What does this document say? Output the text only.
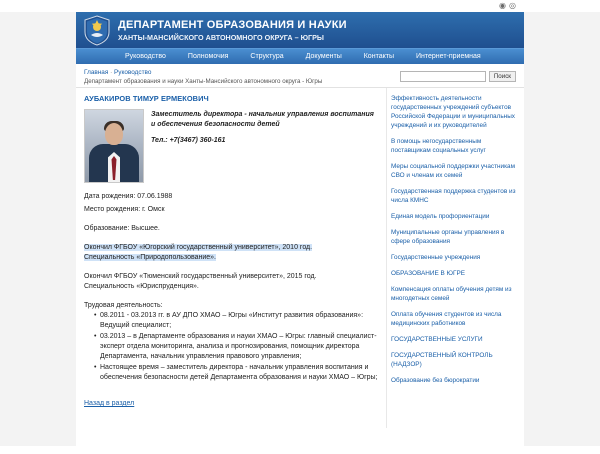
◉ ◎
ДЕПАРТАМЕНТ ОБРАЗОВАНИЯ И НАУКИ
ХАНТЫ-МАНСИЙСКОГО АВТОНОМНОГО ОКРУГА – ЮГРЫ
Руководство	Полномочия	Структура	Документы	Контакты	Интернет-приемная
Главная · Руководство
Департамент образования и науки Ханты-Мансийского автономного округа - Югры
Поиск
АУБАКИРОВ ТИМУР ЕРМЕКОВИЧ
Заместитель директора - начальник управления воспитания и обеспечения безопасности детей
Тел.: +7(3467) 360-161
Дата рождения: 07.06.1988
Место рождения: г. Омск
Образование: Высшее.
Окончил ФГБОУ «Югорский государственный университет», 2010 год.
Специальность «Природопользование».
Окончил ФГБОУ «Тюменский государственный университет», 2015 год.
Специальность «Юриспруденция».
Трудовая деятельность:
• 08.2011 - 03.2013 гг. в АУ ДПО ХМАО – Югры «Институт развития образования»: Ведущий специалист;
• 03.2013 – в Департаменте образования и науки ХМАО – Югры: главный специалист-эксперт отдела мониторинга, анализа и прогнозирования, помощник директора Департамента, начальник управления правового управления;
• Настоящее время – заместитель директора - начальник управления воспитания и обеспечения безопасности детей Департамента образования и науки ХМАО – Югры;
Назад в раздел
Эффективность деятельности государственных учреждений субъектов Российской Федерации и муниципальных учреждений и их руководителей
В помощь негосударственным поставщикам социальных услуг
Меры социальной поддержки участникам СВО и членам их семей
Государственная поддержка студентов из числа КМНС
Единая модель профориентации
Муниципальные органы управления в сфере образования
Государственные учреждения
ОБРАЗОВАНИЕ В ЮГРЕ
Компенсация оплаты обучения детям из многодетных семей
Оплата обучения студентов из числа медицинских работников
ГОСУДАРСТВЕННЫЕ УСЛУГИ
ГОСУДАРСТВЕННЫЙ КОНТРОЛЬ (НАДЗОР)
Образование без бюрократии
